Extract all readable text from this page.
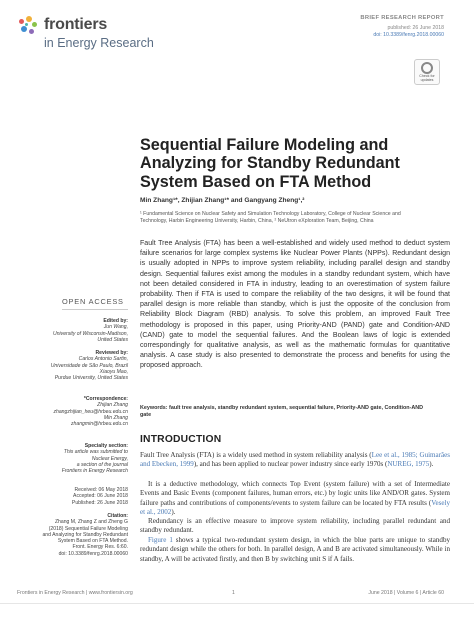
frontiers
in Energy Research
BRIEF RESEARCH REPORT
published: 26 June 2018
doi: 10.3389/fenrg.2018.00060
Check for updates
Sequential Failure Modeling and
Analyzing for Standby Redundant
System Based on FTA Method
Min Zhang¹*, Zhijian Zhang¹* and Gangyang Zheng¹,²
¹ Fundamental Science on Nuclear Safety and Simulation Technology Laboratory, College of Nuclear Science and
Technology, Harbin Engineering University, Harbin, China, ² NeUtron eXploration Team, Beijing, China
Fault Tree Analysis (FTA) has been a well-established and widely used method to deduct system failure scenarios for large complex systems like Nuclear Power Plants (NPPs). Redundant design is usually adopted in NPPs to improve system reliability, including parallel design and standby design. Sequential failures exist among the modules in a standby redundant system, which have not been detailed considered in FTA in industry, leading to an overestimation of system failure probability. Then if FTA is used to compare the reliability of the two designs, it will be found that parallel design is more reliable than standby, which is just the opposite of the conclusion from Reliability Block Diagram (RBD) analysis. To solve this problem, an improved Fault Tree methodology is proposed in this paper, using Priority-AND (PAND) gate and Condition-AND (CAND) gate to model the sequential failures. And the Boolean laws of logic is extended correspondingly for qualitative analysis, as well as the mathematic formulas for quantitative analysis. A case study is also presented to demonstrate the process and benefits for using the proposed approach.
Keywords: fault tree analysis, standby redundant system, sequential failure, Priority-AND gate, Condition-AND
gate
INTRODUCTION
Fault Tree Analysis (FTA) is a widely used method in system reliability analysis (Lee et al., 1985; Guimarães and Ebecken, 1999), and has been applied to nuclear power industry since early 1970s (NUREG, 1975).
It is a deductive methodology, which connects Top Event (system failure) with a set of Intermediate Events and Basic Events (component failures, human errors, etc.) by logic units like AND/OR gates. System failure paths and contributions of components/events to system failure can be located by FTA results (Vesely et al., 2002).
Redundancy is an effective measure to improve system reliability, including parallel redundant and standby redundant.
Figure 1 shows a typical two-redundant system design, in which the blue parts are unique to standby redundant design while the others for both. In parallel design, A and B are activated simultaneously. While in standby, A will be activated firstly, and then B by switching unit S if A fails.
OPEN ACCESS
Edited by:
Jun Wang,
University of Wisconsin-Madison,
United States
Reviewed by:
Carlos Antonio Sartin,
Universidade de São Paulo, Brazil
Xiaoyu Mao,
Purdue University, United States
*Correspondence:
Zhijian Zhang
zhangzhijian_heu@hrbeu.edu.cn
Min Zhang
zhangmin@hrbeu.edu.cn
Specialty section:
This article was submitted to
Nuclear Energy,
a section of the journal
Frontiers in Energy Research
Received: 06 May 2018
Accepted: 06 June 2018
Published: 26 June 2018
Citation:
Zhang M, Zhang Z and Zheng G
(2018) Sequential Failure Modeling
and Analyzing for Standby Redundant
System Based on FTA Method.
Front. Energy Res. 6:60.
doi: 10.3389/fenrg.2018.00060
Frontiers in Energy Research | www.frontiersin.org	1	June 2018 | Volume 6 | Article 60
